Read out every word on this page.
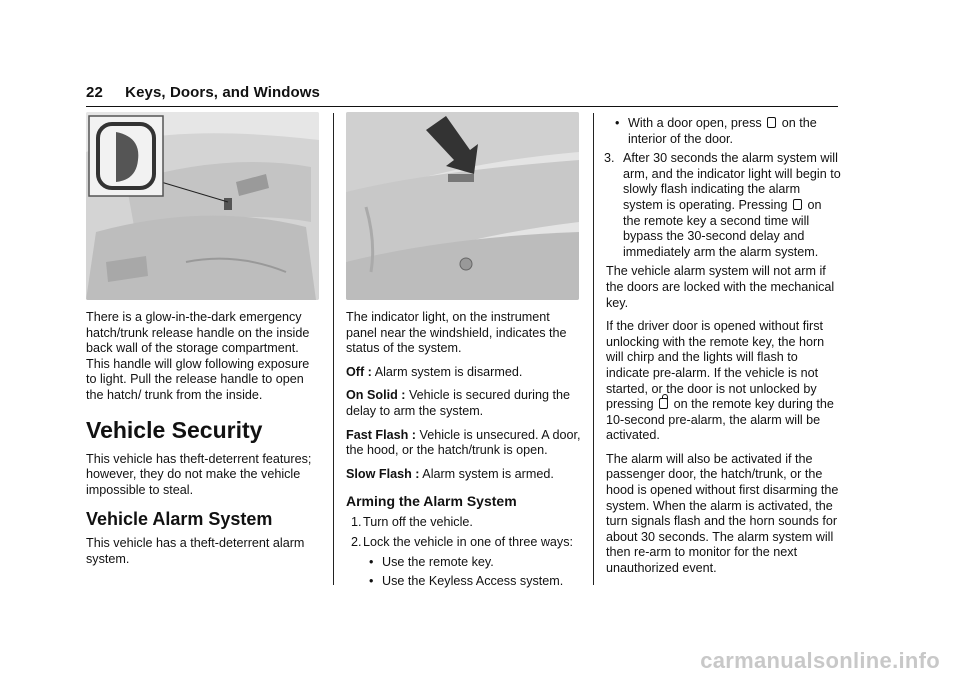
22 Keys, Doors, and Windows

There is a glow-in-the-dark emergency hatch/trunk release handle on the inside back wall of the storage compartment. This handle will glow following exposure to light. Pull the release handle to open the hatch/ trunk from the inside.

Vehicle Security

This vehicle has theft-deterrent features; however, they do not make the vehicle impossible to steal.

Vehicle Alarm System

This vehicle has a theft-deterrent alarm system.

The indicator light, on the instrument panel near the windshield, indicates the status of the system.

Off : Alarm system is disarmed.

On Solid : Vehicle is secured during the delay to arm the system.

Fast Flash : Vehicle is unsecured. A door, the hood, or the hatch/trunk is open.

Slow Flash : Alarm system is armed.

Arming the Alarm System
1. Turn off the vehicle.
2. Lock the vehicle in one of three ways:
• Use the remote key.
• Use the Keyless Access system.
• With a door open, press on the interior of the door.
3. After 30 seconds the alarm system will arm, and the indicator light will begin to slowly flash indicating the alarm system is operating. Pressing on the remote key a second time will bypass the 30-second delay and immediately arm the alarm system.

The vehicle alarm system will not arm if the doors are locked with the mechanical key.

If the driver door is opened without first unlocking with the remote key, the horn will chirp and the lights will flash to indicate pre-alarm. If the vehicle is not started, or the door is not unlocked by pressing on the remote key during the 10-second pre-alarm, the alarm will be activated.

The alarm will also be activated if the passenger door, the hatch/trunk, or the hood is opened without first disarming the system. When the alarm is activated, the turn signals flash and the horn sounds for about 30 seconds. The alarm system will then re-arm to monitor for the next unauthorized event.

carmanualsonline.info
